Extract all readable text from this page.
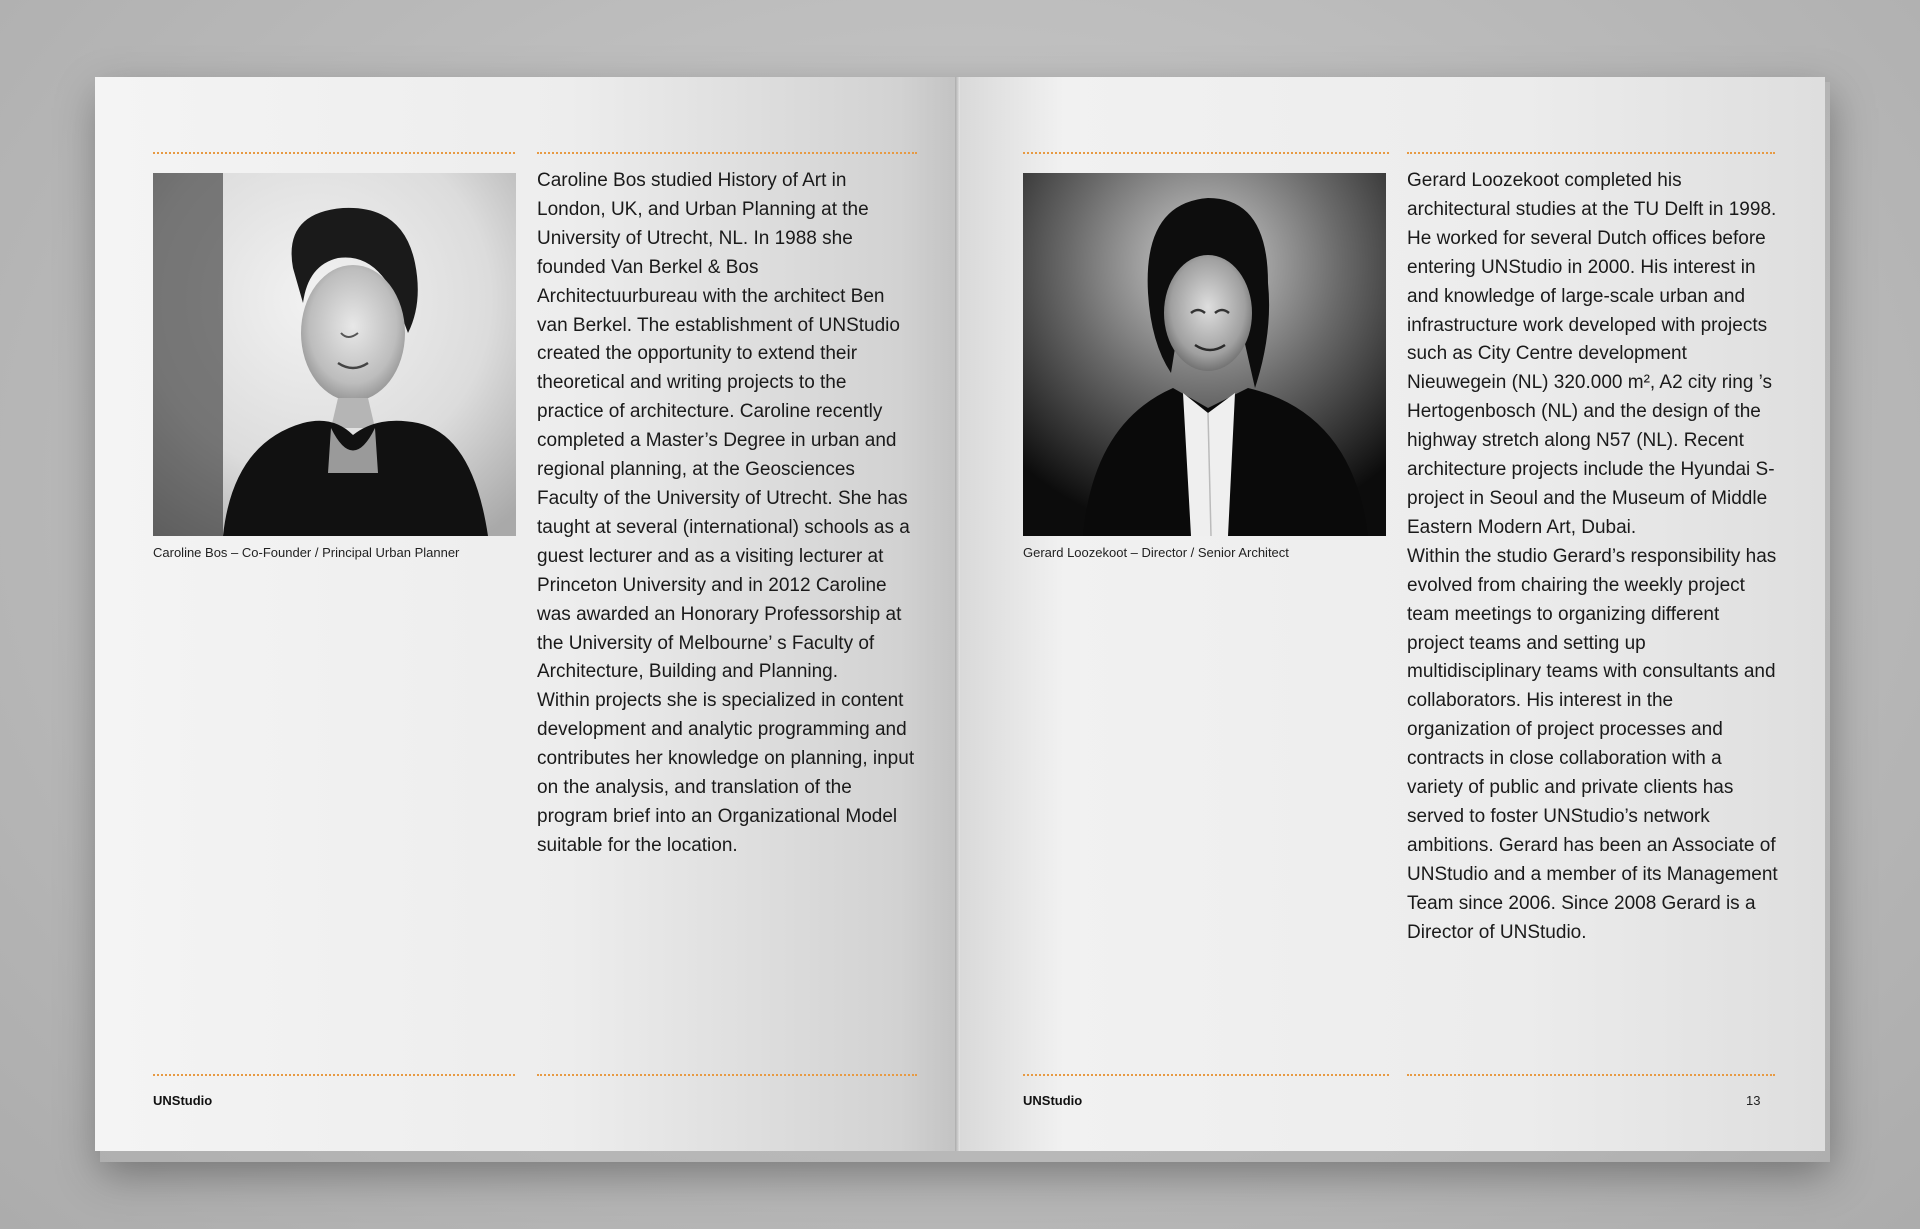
Caroline Bos – Co-Founder / Principal Urban Planner

Caroline Bos studied History of Art in London, UK, and Urban Planning at the University of Utrecht, NL. In 1988 she founded Van Berkel & Bos Architectuurbureau with the architect Ben van Berkel. The establishment of UNStudio created the opportunity to extend their theoretical and writing projects to the practice of architecture. Caroline recently completed a Master’s Degree in urban and regional planning, at the Geosciences Faculty of the University of Utrecht. She has taught at several (international) schools as a guest lecturer and as a visiting lecturer at Princeton University and in 2012 Caroline was awarded an Honorary Professorship at the University of Melbourne’ s Faculty of Architecture, Building and Planning.

Within projects she is specialized in content development and analytic programming and contributes her knowledge on planning, input on the analysis, and translation of the program brief into an Organizational Model suitable for the location.

UNStudio
Gerard Loozekoot – Director / Senior Architect

Gerard Loozekoot completed his architectural studies at the TU Delft in 1998. He worked for several Dutch offices before entering UNStudio in 2000. His interest in and knowledge of large-scale urban and infrastructure work developed with projects such as City Centre development Nieuwegein (NL) 320.000 m², A2 city ring ’s Hertogenbosch (NL) and the design of the highway stretch along N57 (NL). Recent architecture projects include the Hyundai S-project in Seoul and the Museum of Middle Eastern Modern Art, Dubai.

Within the studio Gerard’s responsibility has evolved from chairing the weekly project team meetings to organizing different project teams and setting up multidisciplinary teams with consultants and collaborators. His interest in the organization of project processes and contracts in close collaboration with a variety of public and private clients has served to foster UNStudio’s network ambitions. Gerard has been an Associate of UNStudio and a member of its Management Team since 2006. Since 2008 Gerard is a Director of UNStudio.

UNStudio	13
